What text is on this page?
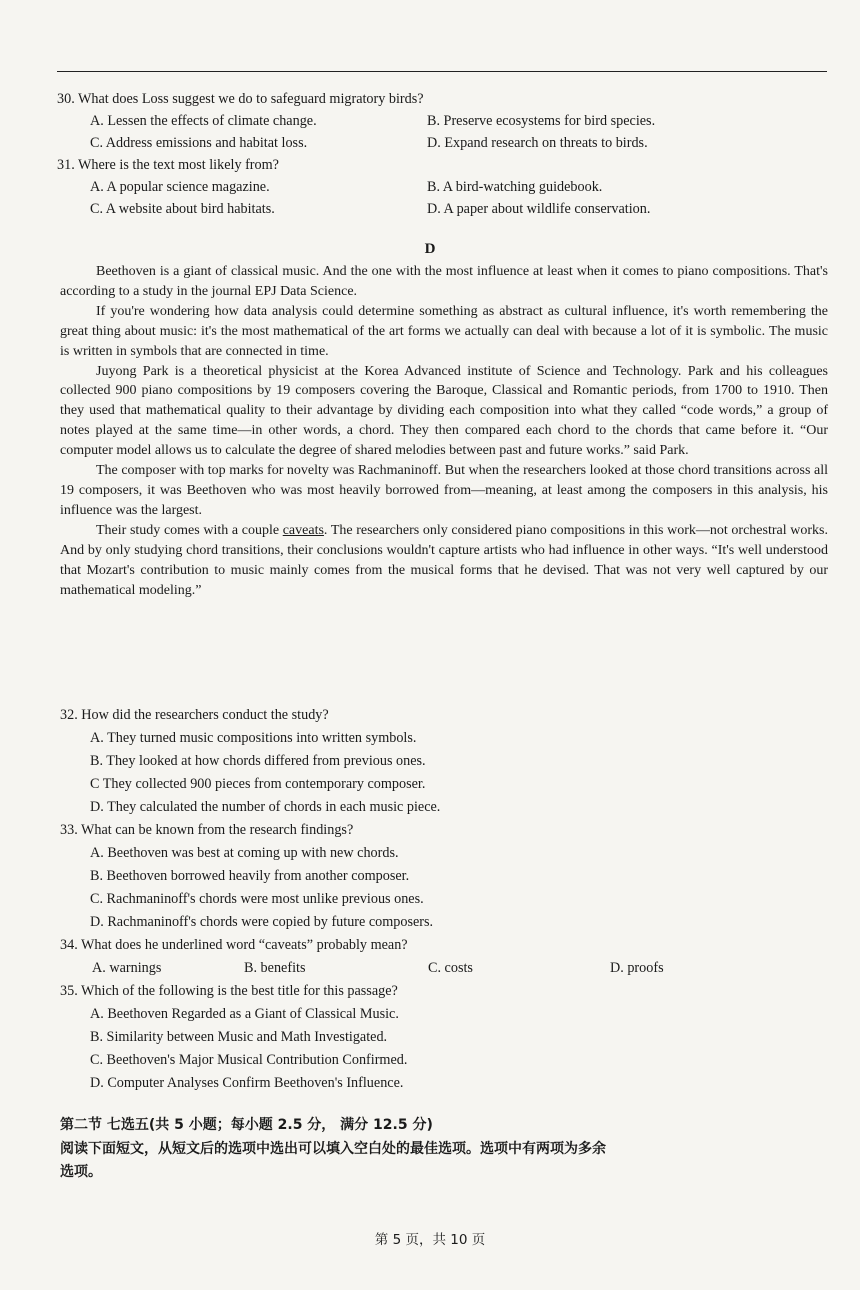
30. What does Loss suggest we do to safeguard migratory birds?
A. Lessen the effects of climate change.	B. Preserve ecosystems for bird species.
C. Address emissions and habitat loss.	D. Expand research on threats to birds.
31. Where is the text most likely from?
A. A popular science magazine.	B. A bird-watching guidebook.
C. A website about bird habitats.	D. A paper about wildlife conservation.
D

Beethoven is a giant of classical music. And the one with the most influence at least when it comes to piano compositions. That's according to a study in the journal EPJ Data Science.

If you're wondering how data analysis could determine something as abstract as cultural influence, it's worth remembering the great thing about music: it's the most mathematical of the art forms we actually can deal with because a lot of it is symbolic. The music is written in symbols that are connected in time.

Juyong Park is a theoretical physicist at the Korea Advanced institute of Science and Technology. Park and his colleagues collected 900 piano compositions by 19 composers covering the Baroque, Classical and Romantic periods, from 1700 to 1910. Then they used that mathematical quality to their advantage by dividing each composition into what they called “code words,” a group of notes played at the same time—in other words, a chord. They then compared each chord to the chords that came before it. “Our computer model allows us to calculate the degree of shared melodies between past and future works.” said Park.

The composer with top marks for novelty was Rachmaninoff. But when the researchers looked at those chord transitions across all 19 composers, it was Beethoven who was most heavily borrowed from—meaning, at least among the composers in this analysis, his influence was the largest.

Their study comes with a couple caveats. The researchers only considered piano compositions in this work—not orchestral works. And by only studying chord transitions, their conclusions wouldn't capture artists who had influence in other ways. “It's well understood that Mozart's contribution to music mainly comes from the musical forms that he devised. That was not very well captured by our mathematical modeling.”

32. How did the researchers conduct the study?
A. They turned music compositions into written symbols.
B. They looked at how chords differed from previous ones.
C They collected 900 pieces from contemporary composer.
D. They calculated the number of chords in each music piece.
33. What can be known from the research findings?
A. Beethoven was best at coming up with new chords.
B. Beethoven borrowed heavily from another composer.
C. Rachmaninoff's chords were most unlike previous ones.
D. Rachmaninoff's chords were copied by future composers.
34. What does he underlined word “caveats” probably mean?
A. warnings	B. benefits	C. costs	D. proofs
35. Which of the following is the best title for this passage?
A. Beethoven Regarded as a Giant of Classical Music.
B. Similarity between Music and Math Investigated.
C. Beethoven's Major Musical Contribution Confirmed.
D. Computer Analyses Confirm Beethoven's Influence.
第二节 七选五(共 5 小题；每小题 2.5 分， 满分 12.5 分)
阅读下面短文，从短文后的选项中选出可以填入空白处的最佳选项。选项中有两项为多余
选项。
第 5 页，共 10 页
